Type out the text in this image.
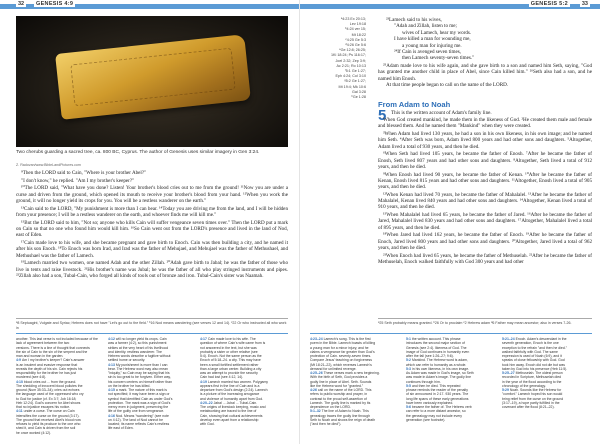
32	GENESIS 4:9
Two cherubs guarding a sacred tree, ca. 800 BC, Cyprus. The author of Genesis uses similar imagery in Gen 3:24.
Z. Radovan/www.BibleLandPictures.com

⁹Then the LORD said to Cain, "Where is your brother Abel?"

"I don't know," he replied. "Am I my brother's keeper?"

¹⁰The LORD said, "What have you done? Listen! Your brother's blood cries out to me from the ground! ¹¹Now you are under a curse and driven from the ground, which opened its mouth to receive your brother's blood from your hand. ¹²When you work the ground, it will no longer yield its crops for you. You will be a restless wanderer on the earth."

¹³Cain said to the LORD, "My punishment is more than I can bear. ¹⁴Today you are driving me from the land, and I will be hidden from your presence; I will be a restless wanderer on the earth, and whoever finds me will kill me."

¹⁵But the LORD said to him, "Not so; anyone who kills Cain will suffer vengeance seven times over." Then the LORD put a mark on Cain so that no one who found him would kill him. ¹⁶So Cain went out from the LORD's presence and lived in the land of Nod, east of Eden.

¹⁷Cain made love to his wife, and she became pregnant and gave birth to Enoch. Cain was then building a city, and he named it after his son Enoch. ¹⁸To Enoch was born Irad, and Irad was the father of Mehujael, and Mehujael was the father of Methushael, and Methushael was the father of Lamech.

¹⁹Lamech married two women, one named Adah and the other Zillah. ²⁰Adah gave birth to Jabal; he was the father of those who live in tents and raise livestock. ²¹His brother's name was Jubal; he was the father of all who play stringed instruments and pipes. ²²Zillah also had a son, Tubal-Cain, who forged all kinds of tools out of bronze and iron. Tubal-Cain's sister was Naamah.

ᵃ8 Septuagint, Vulgate and Syriac; Hebrew does not have "Let's go out to the field." ᵇ16 Nod means wandering (see verses 12 and 14). ᶜ22 Or who instructed all who work in
another. This last verse is not included because of the
lack of agreement between the two
versions. There is a line of thought that connects
the sin of Cain to the sin of the serpent and the
man and woman in the garden.
4:9 Am I my brother's keeper? Cain's answer
is an insolent and evasive response that
reveals the depth of his sin. Cain rejects his
responsibility for the brother he has just
murdered (see 4:8).
4:10 blood cries out ... from the ground.
The shedding of innocent blood pollutes the
ground (Num 35:33–34); cries out echoes
the language used of the oppressed who cry
to God for justice (cf. Ex 3:7; Job 16:18;
Heb 12:24). God's concern for Abel shows
that no injustice escapes his notice.
4:11 under a curse. The curse on Cain
intensifies the curse on the ground (3:17).
The ground that received Abel's blood now
refuses to yield its produce to the one who
shed it, and Cain is driven from the soil
he once worked (4:12).
4:12 will no longer yield its crops. Cain
was a farmer (4:2), so this punishment
strikes at the very heart of his livelihood
and identity. restless wanderer. The
Hebrew words describe a fugitive without
settled home or security.
4:13 My punishment is more than I can
bear. The Hebrew word may also mean
"iniquity," so Cain may be saying that his
sin is too great to be forgiven. Either way,
his concern centers on himself rather than
on the brother he has killed.
4:15 a mark. The nature of this mark is
not specified; it may have been a sign or
symbol that identified Cain as under God's
protection. The mark was a sign of God's
mercy even in judgment, preserving the
life of the guilty one from vengeance.
4:16 Nod. Means "wandering" (see note
on 4:12). The land of Nod cannot be
located; its name reflects Cain's restless
life east of Eden.
4:17 Cain made love to his wife. The
question of where Cain's wife came from is
not answered in the text, but she was
probably a sister or other relative (see
5:4). Enoch. Not the same person as the
Enoch of 5:18–24. a city. This may have
been a small fortified settlement rather
than a large urban center. Building a city
was an attempt to provide the security
Cain had lost (see 4:12, 14).
4:19 Lamech married two women. Polygamy
appears first in the line of Cain and is a
departure from God's design (2:24). Lamech
is a picture of the increasing arrogance
and violence of humanity apart from God.
4:20–22 Jabal ... Jubal ... Tubal-Cain.
The origins of livestock keeping, music and
metalworking are traced to the line of
Cain, showing that cultural achievements
develop even apart from a relationship
with God.
GENESIS 5:2	33
ᵃ4:23 Ex 20:13;
Lev 19:18
ᵇ4:24 ver 15;
Mt 18:22
ᶜ4:25 Ge 5:3
ᵈ4:26 Ge 5:6
ᵉGe 12:8; 26:25;
1Ki 18:24; Ps 116:17;
Joel 2:32; Zep 3:9;
Ac 2:21; Ro 10:13
ᶠ5:1 Ge 1:27;
Eph 4:24; Col 3:10
ᵍ5:2 Ge 1:27;
Mt 19:4; Mk 10:6
Gal 3:28
ʰGe 1:28
²³Lamech said to his wives,
"Adah and Zillah, listen to me;
wives of Lamech, hear my words.
I have killed a man for wounding me,
a young man for injuring me.
²⁴If Cain is avenged seven times,
then Lamech seventy-seven times."

²⁵Adam made love to his wife again, and she gave birth to a son and named him Seth, saying, "God has granted me another child in place of Abel, since Cain killed him." ²⁶Seth also had a son, and he named him Enosh.

At that time people began to call on the name of the LORD.

From Adam to Noah
5 This is the written account of Adam's family line.

When God created mankind, he made them in the likeness of God. ²He created them male and female and blessed them. And he named them "Mankind" when they were created.

³When Adam had lived 130 years, he had a son in his own likeness, in his own image; and he named him Seth. ⁴After Seth was born, Adam lived 800 years and had other sons and daughters. ⁵Altogether, Adam lived a total of 930 years, and then he died.

⁶When Seth had lived 105 years, he became the father of Enosh. ⁷After he became the father of Enosh, Seth lived 807 years and had other sons and daughters. ⁸Altogether, Seth lived a total of 912 years, and then he died.

⁹When Enosh had lived 90 years, he became the father of Kenan. ¹⁰After he became the father of Kenan, Enosh lived 815 years and had other sons and daughters. ¹¹Altogether, Enosh lived a total of 905 years, and then he died.

¹²When Kenan had lived 70 years, he became the father of Mahalalel. ¹³After he became the father of Mahalalel, Kenan lived 840 years and had other sons and daughters. ¹⁴Altogether, Kenan lived a total of 910 years, and then he died.

¹⁵When Mahalalel had lived 65 years, he became the father of Jared. ¹⁶After he became the father of Jared, Mahalalel lived 830 years and had other sons and daughters. ¹⁷Altogether, Mahalalel lived a total of 895 years, and then he died.

¹⁸When Jared had lived 162 years, he became the father of Enoch. ¹⁹After he became the father of Enoch, Jared lived 800 years and had other sons and daughters. ²⁰Altogether, Jared lived a total of 962 years, and then he died.

²¹When Enoch had lived 65 years, he became the father of Methuselah. ²²After he became the father of Methuselah, Enoch walked faithfully with God 300 years and had other

ᵃ25 Seth probably means granted. ᵇ26 Or to proclaim ᶜ2 Hebrew adam ᵈ6 Father may mean ancestor; also in verses 7-26.
4:23–24 Lamech's song. This is the first
poem in the Bible. Lamech boasts of killing
a young man for a minor injury, and he
claims a vengeance far greater than God's
protection of Cain. seventy-seven times.
Compare Jesus' teaching on forgiveness
(Mt 18:21–22), which reverses Lamech's
demand for unlimited revenge.
4:25–26 These verses mark a new beginning.
With the birth of Seth, God provides a
godly line in place of Abel. Seth. Sounds
like the Hebrew word for "granted."
4:26 call on the name of the LORD. This
refers to public worship and prayer, in
contrast to the proud self-assertion of
Lamech. The godly line is marked by its
dependence on the LORD.
5:1–32 The line of Adam to Noah. This
genealogy traces the godly line through
Seth to Noah and shows the reign of death
("and then he died").
5:1 the written account. This phrase
introduces the second major section of
Genesis (see 2:4). likeness of God. The
image of God continues in humanity even
after the fall (see 1:26–27; 9:6).
5:2 Mankind. The Hebrew word is adam,
which can refer to humanity as a whole.
5:3 in his own likeness, in his own image.
As Adam was made in God's image, so Seth
was made in Adam's image. The godly line
continues through him.
5:5 and then he died. This repeated
phrase reminds the reader of the penalty
of sin announced in 2:17. 930 years. The
long life spans of these early generations
have been variously explained.
5:6 became the father of. The Hebrew verb
can refer to a more distant ancestor, so
the genealogy may not include every
generation (see footnote).
5:21–24 Enoch. Adam's descendant in the
seventh generation, Enoch is the one
exception to the refrain "and then he died."
walked faithfully with God. The same
expression is used of Noah (6:9), and it
speaks of close fellowship with God. God
took him away. Enoch did not die but was
taken by God into his presence (Heb 11:5).
5:25–27 Methuselah. The oldest person
recorded in Scripture, Methuselah died
in the year of the flood according to the
chronology of the genealogy.
5:29 Noah. Sounds like the Hebrew for
"comfort." Lamech hoped his son would
bring relief from the curse on the ground
(3:17–19), a hope partly fulfilled in the
covenant after the flood (8:21–22).
